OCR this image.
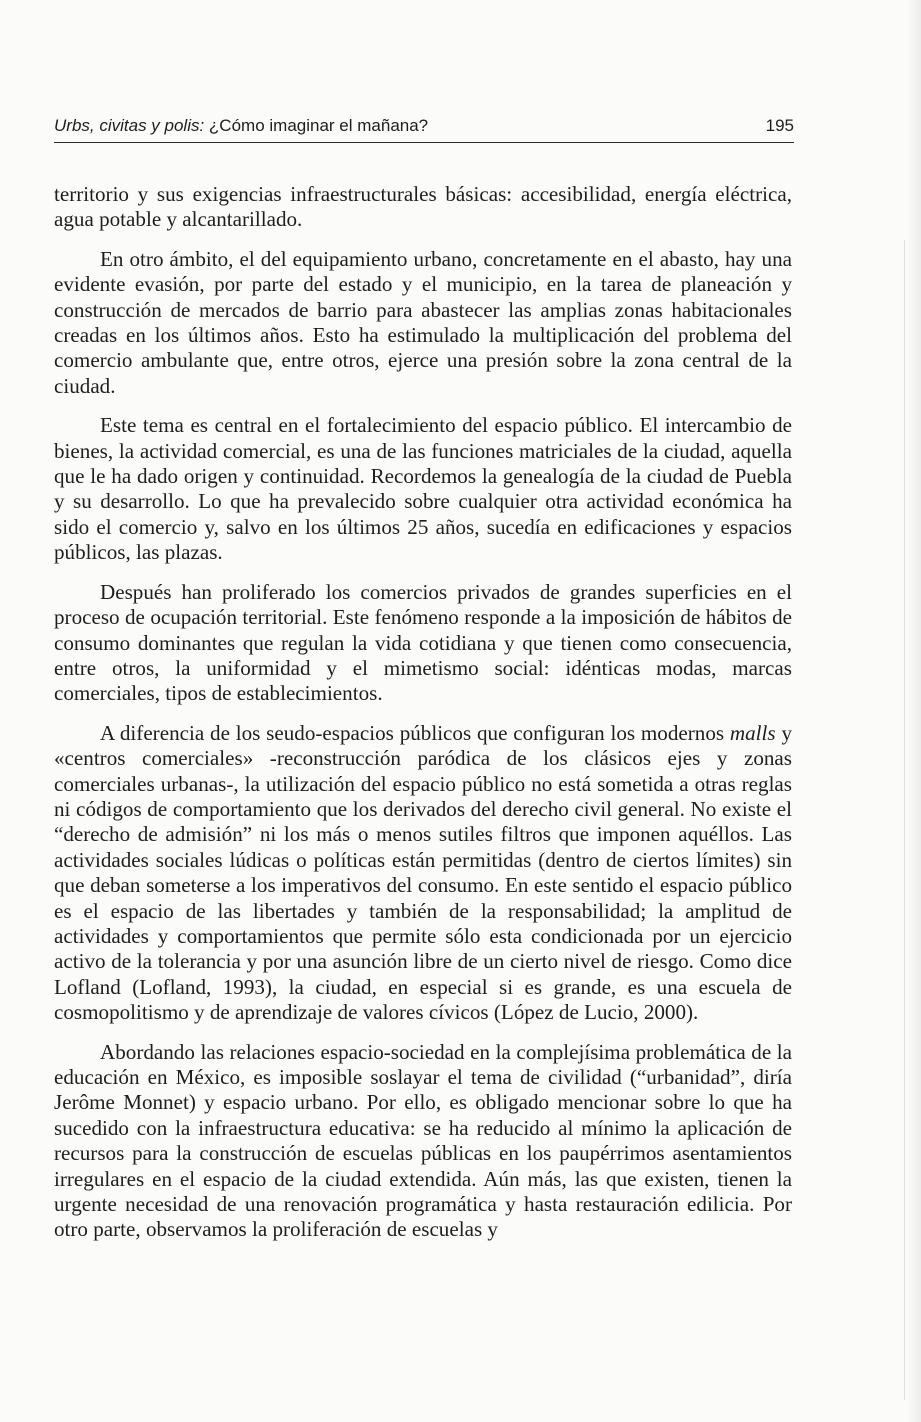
Urbs, civitas y polis: ¿Cómo imaginar el mañana?	195

territorio y sus exigencias infraestructurales básicas: accesibilidad, energía eléctrica, agua potable y alcantarillado.

En otro ámbito, el del equipamiento urbano, concretamente en el abasto, hay una evidente evasión, por parte del estado y el municipio, en la tarea de planeación y construcción de mercados de barrio para abastecer las amplias zonas habitacionales creadas en los últimos años. Esto ha estimulado la multiplicación del problema del comercio ambulante que, entre otros, ejerce una presión sobre la zona central de la ciudad.

Este tema es central en el fortalecimiento del espacio público. El intercambio de bienes, la actividad comercial, es una de las funciones matriciales de la ciudad, aquella que le ha dado origen y continuidad. Recordemos la genealogía de la ciudad de Puebla y su desarrollo. Lo que ha prevalecido sobre cualquier otra actividad económica ha sido el comercio y, salvo en los últimos 25 años, sucedía en edificaciones y espacios públicos, las plazas.

Después han proliferado los comercios privados de grandes superficies en el proceso de ocupación territorial. Este fenómeno responde a la imposición de hábitos de consumo dominantes que regulan la vida cotidiana y que tienen como consecuencia, entre otros, la uniformidad y el mimetismo social: idénticas modas, marcas comerciales, tipos de establecimientos.

A diferencia de los seudo-espacios públicos que configuran los modernos malls y «centros comerciales» -reconstrucción paródica de los clásicos ejes y zonas comerciales urbanas-, la utilización del espacio público no está sometida a otras reglas ni códigos de comportamiento que los derivados del derecho civil general. No existe el “derecho de admisión” ni los más o menos sutiles filtros que imponen aquéllos. Las actividades sociales lúdicas o políticas están permitidas (dentro de ciertos límites) sin que deban someterse a los imperativos del consumo. En este sentido el espacio público es el espacio de las libertades y también de la responsabilidad; la amplitud de actividades y comportamientos que permite sólo esta condicionada por un ejercicio activo de la tolerancia y por una asunción libre de un cierto nivel de riesgo. Como dice Lofland (Lofland, 1993), la ciudad, en especial si es grande, es una escuela de cosmopolitismo y de aprendizaje de valores cívicos (López de Lucio, 2000).

Abordando las relaciones espacio-sociedad en la complejísima problemática de la educación en México, es imposible soslayar el tema de civilidad (“urbanidad”, diría Jerôme Monnet) y espacio urbano. Por ello, es obligado mencionar sobre lo que ha sucedido con la infraestructura educativa: se ha reducido al mínimo la aplicación de recursos para la construcción de escuelas públicas en los paupérrimos asentamientos irregulares en el espacio de la ciudad extendida. Aún más, las que existen, tienen la urgente necesidad de una renovación programática y hasta restauración edilicia. Por otro parte, observamos la proliferación de escuelas y
